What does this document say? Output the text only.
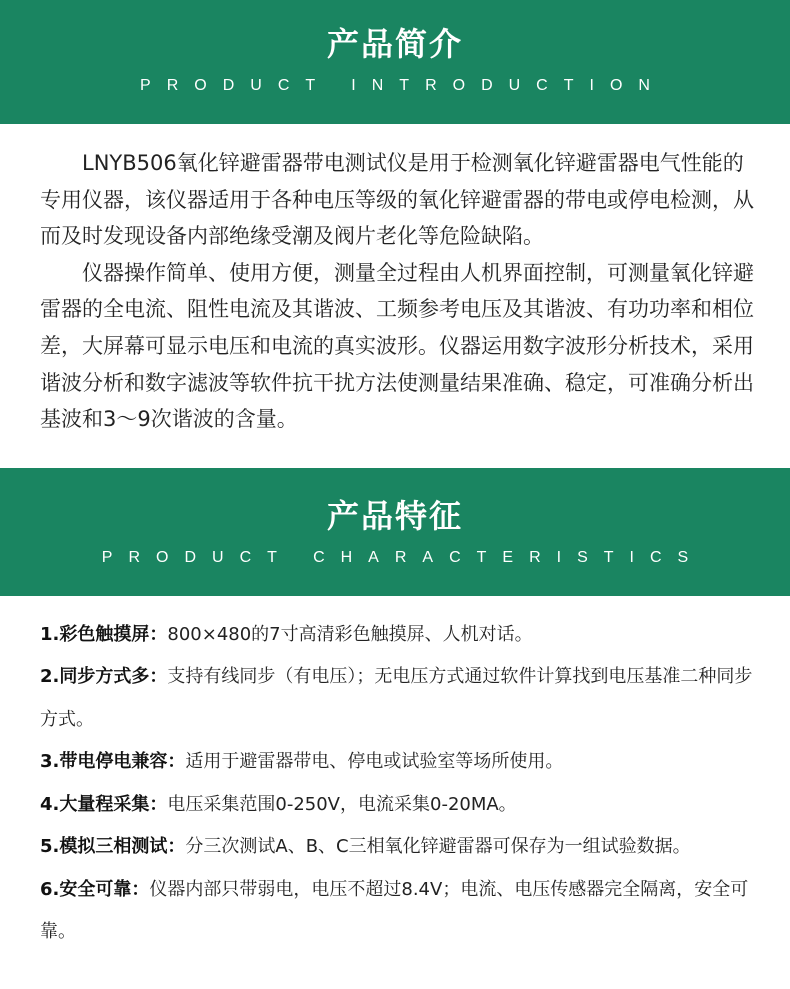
产品简介
PRODUCT INTRODUCTION

LNYB506氧化锌避雷器带电测试仪是用于检测氧化锌避雷器电气性能的专用仪器，该仪器适用于各种电压等级的氧化锌避雷器的带电或停电检测，从而及时发现设备内部绝缘受潮及阀片老化等危险缺陷。

仪器操作简单、使用方便，测量全过程由人机界面控制，可测量氧化锌避雷器的全电流、阻性电流及其谐波、工频参考电压及其谐波、有功功率和相位差，大屏幕可显示电压和电流的真实波形。仪器运用数字波形分析技术，采用谐波分析和数字滤波等软件抗干扰方法使测量结果准确、稳定，可准确分析出基波和3～9次谐波的含量。

产品特征
PRODUCT CHARACTERISTICS

1.彩色触摸屏：800×480的7寸高清彩色触摸屏、人机对话。

2.同步方式多：支持有线同步（有电压）；无电压方式通过软件计算找到电压基准二种同步方式。

3.带电停电兼容：适用于避雷器带电、停电或试验室等场所使用。

4.大量程采集：电压采集范围0-250V，电流采集0-20MA。

5.模拟三相测试：分三次测试A、B、C三相氧化锌避雷器可保存为一组试验数据。

6.安全可靠：仪器内部只带弱电，电压不超过8.4V；电流、电压传感器完全隔离，安全可靠。
